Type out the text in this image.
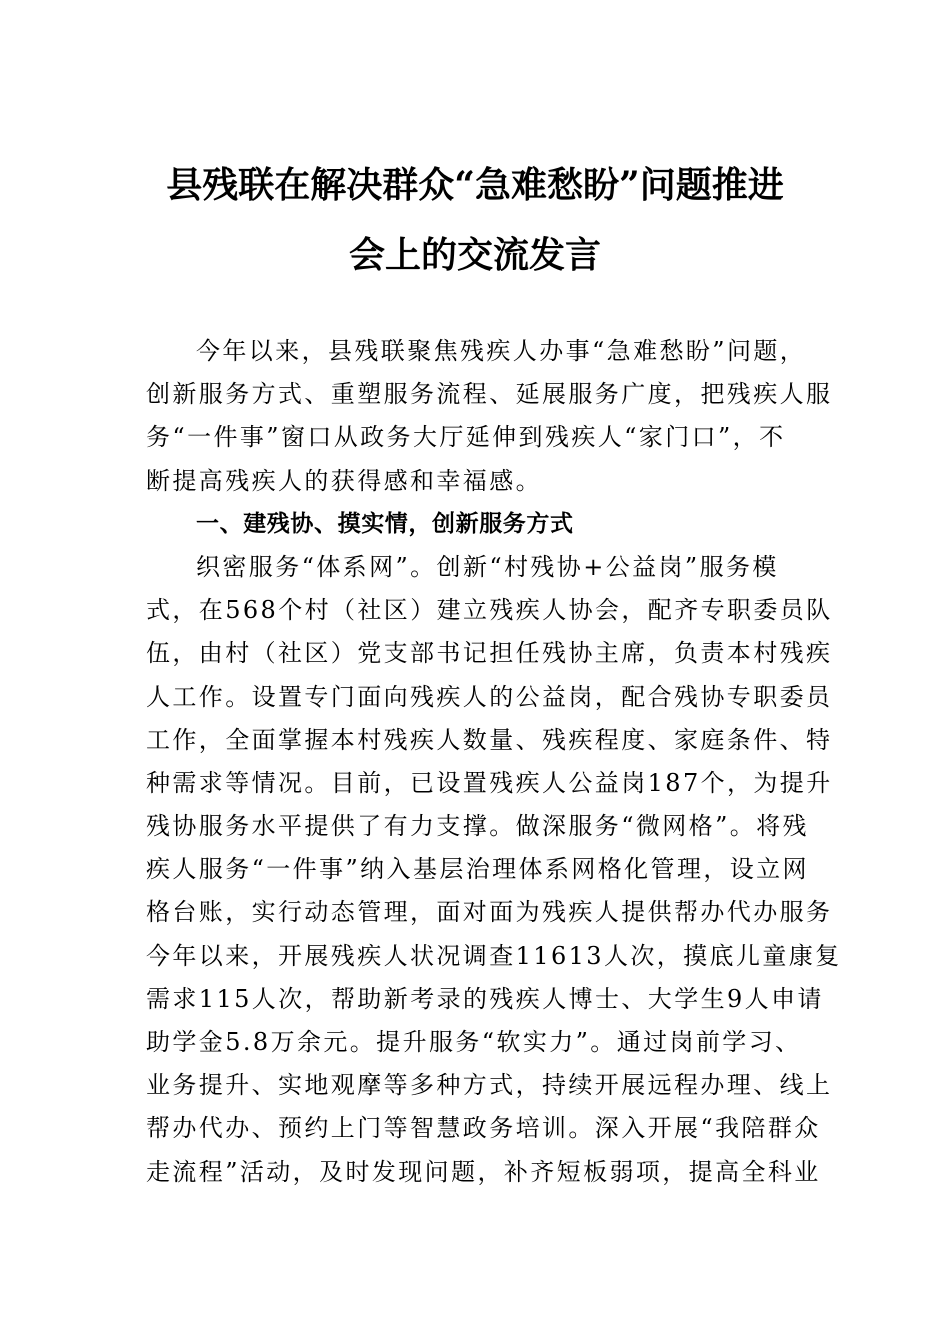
县残联在解决群众“急难愁盼”问题推进
会上的交流发言
今年以来，县残联聚焦残疾人办事“急难愁盼”问题，
创新服务方式、重塑服务流程、延展服务广度，把残疾人服
务“一件事”窗口从政务大厅延伸到残疾人“家门口”，不
断提高残疾人的获得感和幸福感。
一、建残协、摸实情，创新服务方式
织密服务“体系网”。创新“村残协+公益岗”服务模
式，在568个村（社区）建立残疾人协会，配齐专职委员队
伍，由村（社区）党支部书记担任残协主席，负责本村残疾
人工作。设置专门面向残疾人的公益岗，配合残协专职委员
工作，全面掌握本村残疾人数量、残疾程度、家庭条件、特
种需求等情况。目前，已设置残疾人公益岗187个，为提升
残协服务水平提供了有力支撑。做深服务“微网格”。将残
疾人服务“一件事”纳入基层治理体系网格化管理，设立网
格台账，实行动态管理，面对面为残疾人提供帮办代办服务
今年以来，开展残疾人状况调查11613人次，摸底儿童康复
需求115人次，帮助新考录的残疾人博士、大学生9人申请
助学金5.8万余元。提升服务“软实力”。通过岗前学习、
业务提升、实地观摩等多种方式，持续开展远程办理、线上
帮办代办、预约上门等智慧政务培训。深入开展“我陪群众
走流程”活动，及时发现问题，补齐短板弱项，提高全科业
